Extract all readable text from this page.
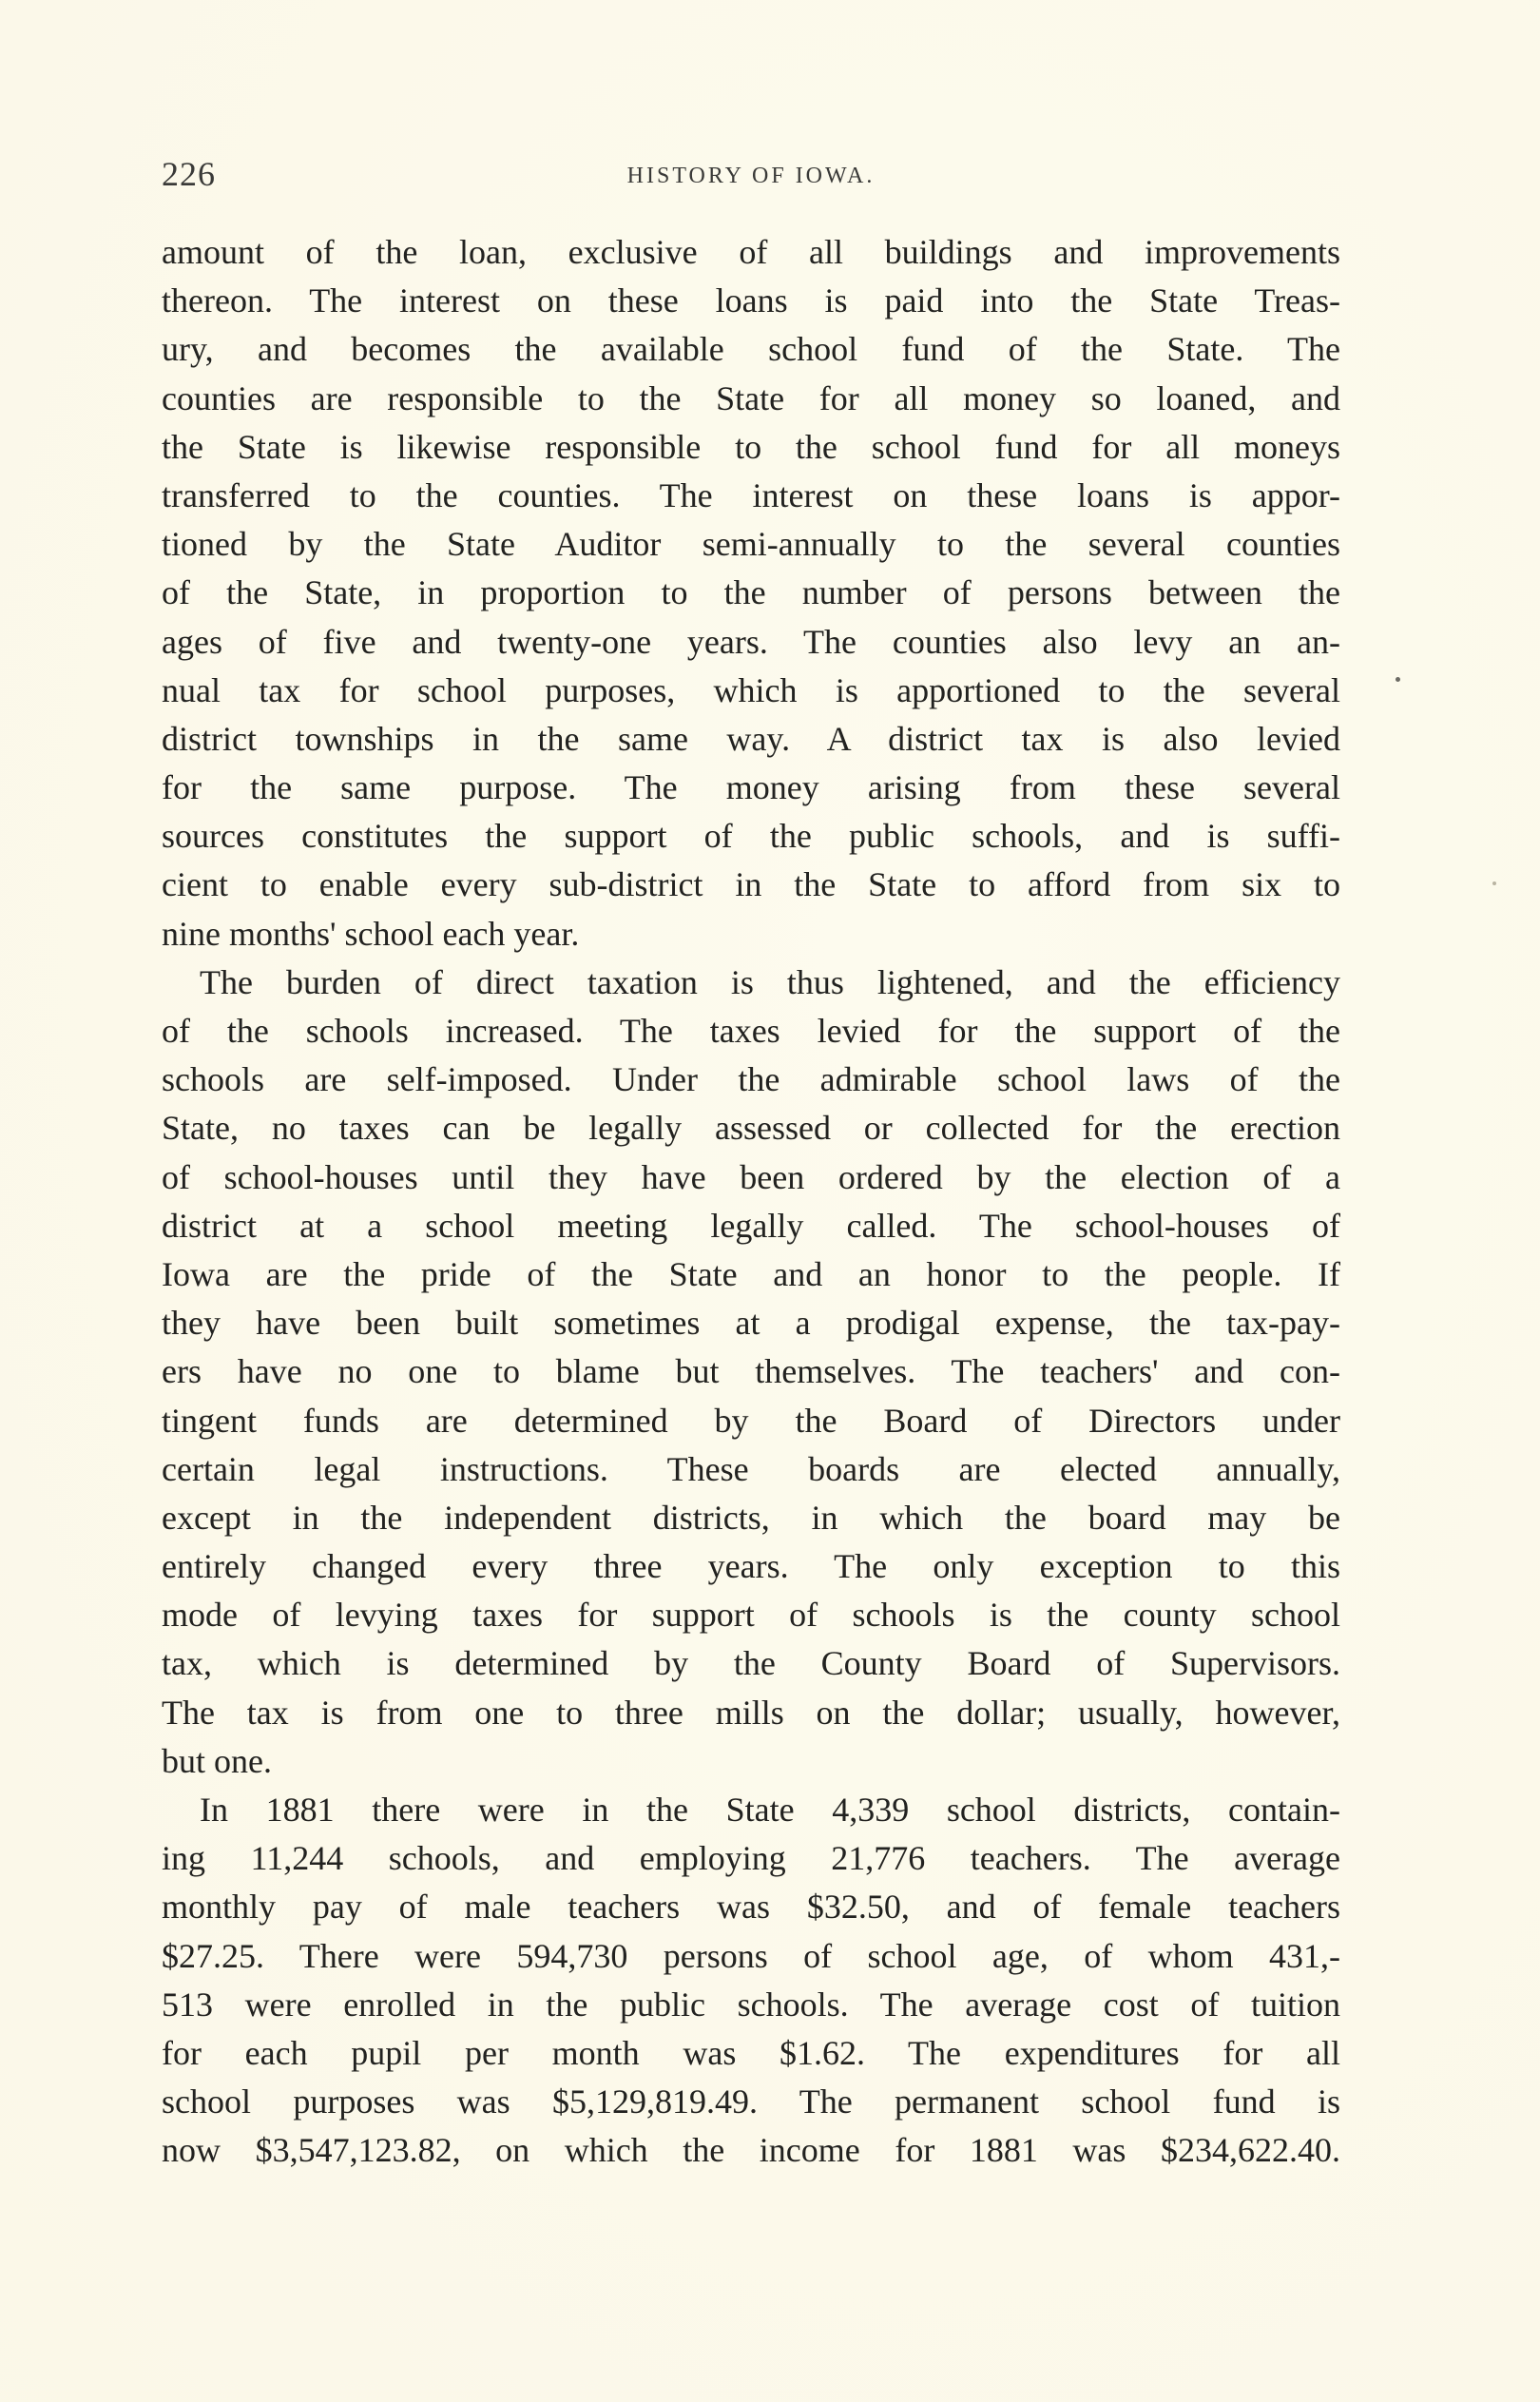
226	HISTORY OF IOWA.
amount of the loan, exclusive of all buildings and improvements
thereon. The interest on these loans is paid into the State Treas-
ury, and becomes the available school fund of the State. The
counties are responsible to the State for all money so loaned, and
the State is likewise responsible to the school fund for all moneys
transferred to the counties. The interest on these loans is appor-
tioned by the State Auditor semi-annually to the several counties
of the State, in proportion to the number of persons between the
ages of five and twenty-one years. The counties also levy an an-
nual tax for school purposes, which is apportioned to the several
district townships in the same way. A district tax is also levied
for the same purpose. The money arising from these several
sources constitutes the support of the public schools, and is suffi-
cient to enable every sub-district in the State to afford from six to
nine months' school each year.
The burden of direct taxation is thus lightened, and the efficiency
of the schools increased. The taxes levied for the support of the
schools are self-imposed. Under the admirable school laws of the
State, no taxes can be legally assessed or collected for the erection
of school-houses until they have been ordered by the election of a
district at a school meeting legally called. The school-houses of
Iowa are the pride of the State and an honor to the people. If
they have been built sometimes at a prodigal expense, the tax-pay-
ers have no one to blame but themselves. The teachers' and con-
tingent funds are determined by the Board of Directors under
certain legal instructions. These boards are elected annually,
except in the independent districts, in which the board may be
entirely changed every three years. The only exception to this
mode of levying taxes for support of schools is the county school
tax, which is determined by the County Board of Supervisors.
The tax is from one to three mills on the dollar; usually, however,
but one.
In 1881 there were in the State 4,339 school districts, contain-
ing 11,244 schools, and employing 21,776 teachers. The average
monthly pay of male teachers was $32.50, and of female teachers
$27.25. There were 594,730 persons of school age, of whom 431,-
513 were enrolled in the public schools. The average cost of tuition
for each pupil per month was $1.62. The expenditures for all
school purposes was $5,129,819.49. The permanent school fund is
now $3,547,123.82, on which the income for 1881 was $234,622.40.
